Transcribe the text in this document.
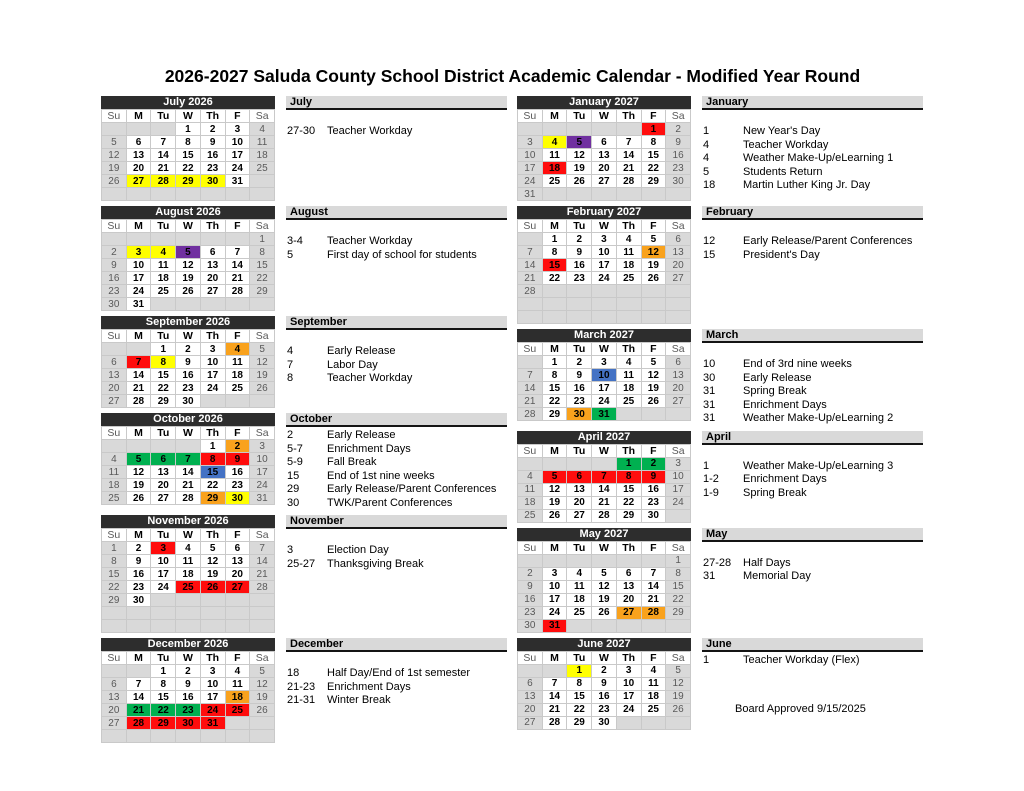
2026-2027 Saluda County School District Academic Calendar - Modified Year Round
July 2026
Su	M	Tu	W	Th	F	Sa
			1	2	3	4
5	6	7	8	9	10	11
12	13	14	15	16	17	18
19	20	21	22	23	24	25
26	27	28	29	30	31	

July
27-30	Teacher Workday
August 2026
Su	M	Tu	W	Th	F	Sa
						1
2	3	4	5	6	7	8
9	10	11	12	13	14	15
16	17	18	19	20	21	22
23	24	25	26	27	28	29
30	31					
August
3-4	Teacher Workday
5	First day of school for students
September 2026
Su	M	Tu	W	Th	F	Sa
		1	2	3	4	5
6	7	8	9	10	11	12
13	14	15	16	17	18	19
20	21	22	23	24	25	26
27	28	29	30			
September
4	Early Release
7	Labor Day
8	Teacher Workday
October 2026
Su	M	Tu	W	Th	F	Sa
				1	2	3
4	5	6	7	8	9	10
11	12	13	14	15	16	17
18	19	20	21	22	23	24
25	26	27	28	29	30	31
October
2	Early Release
5-7	Enrichment Days
5-9	Fall Break
15	End of 1st nine weeks
29	Early Release/Parent Conferences
30	TWK/Parent Conferences
November 2026
Su	M	Tu	W	Th	F	Sa
1	2	3	4	5	6	7
8	9	10	11	12	13	14
15	16	17	18	19	20	21
22	23	24	25	26	27	28
29	30					

November
3	Election Day
25-27	Thanksgiving Break
December 2026
Su	M	Tu	W	Th	F	Sa
		1	2	3	4	5
6	7	8	9	10	11	12
13	14	15	16	17	18	19
20	21	22	23	24	25	26
27	28	29	30	31		

December
18	Half Day/End of 1st semester
21-23	Enrichment Days
21-31	Winter Break
January 2027
Su	M	Tu	W	Th	F	Sa
					1	2
3	4	5	6	7	8	9
10	11	12	13	14	15	16
17	18	19	20	21	22	23
24	25	26	27	28	29	30
31						
January
1	New Year's Day
4	Teacher Workday
4	Weather Make-Up/eLearning 1
5	Students Return
18	Martin Luther King Jr. Day
February 2027
Su	M	Tu	W	Th	F	Sa
	1	2	3	4	5	6
7	8	9	10	11	12	13
14	15	16	17	18	19	20
21	22	23	24	25	26	27
28						

February
12	Early Release/Parent Conferences
15	President's Day
March 2027
Su	M	Tu	W	Th	F	Sa
	1	2	3	4	5	6
7	8	9	10	11	12	13
14	15	16	17	18	19	20
21	22	23	24	25	26	27
28	29	30	31			
March
10	End of 3rd nine weeks
30	Early Release
31	Spring Break
31	Enrichment Days
31	Weather Make-Up/eLearning 2
April 2027
Su	M	Tu	W	Th	F	Sa
				1	2	3
4	5	6	7	8	9	10
11	12	13	14	15	16	17
18	19	20	21	22	23	24
25	26	27	28	29	30	
April
1	Weather Make-Up/eLearning 3
1-2	Enrichment Days
1-9	Spring Break
May 2027
Su	M	Tu	W	Th	F	Sa
						1
2	3	4	5	6	7	8
9	10	11	12	13	14	15
16	17	18	19	20	21	22
23	24	25	26	27	28	29
30	31					
May
27-28	Half Days
31	Memorial Day
June 2027
Su	M	Tu	W	Th	F	Sa
		1	2	3	4	5
6	7	8	9	10	11	12
13	14	15	16	17	18	19
20	21	22	23	24	25	26
27	28	29	30			
June
1	Teacher Workday (Flex)
Board Approved 9/15/2025
